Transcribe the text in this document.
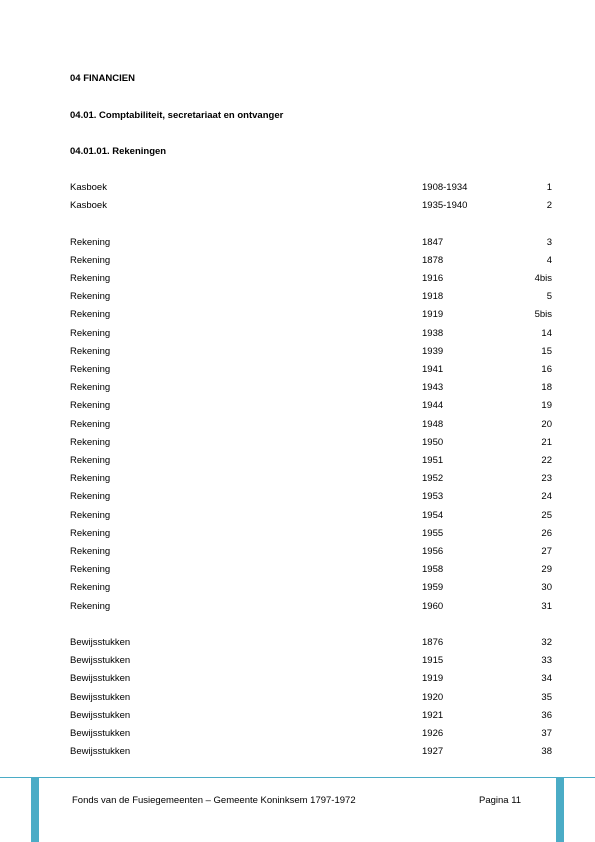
04 FINANCIEN
04.01. Comptabiliteit, secretariaat en ontvanger
04.01.01. Rekeningen
Kasboek	1908-1934	1
Kasboek	1935-1940	2
Rekening	1847	3
Rekening	1878	4
Rekening	1916	4bis
Rekening	1918	5
Rekening	1919	5bis
Rekening	1938	14
Rekening	1939	15
Rekening	1941	16
Rekening	1943	18
Rekening	1944	19
Rekening	1948	20
Rekening	1950	21
Rekening	1951	22
Rekening	1952	23
Rekening	1953	24
Rekening	1954	25
Rekening	1955	26
Rekening	1956	27
Rekening	1958	29
Rekening	1959	30
Rekening	1960	31
Bewijsstukken	1876	32
Bewijsstukken	1915	33
Bewijsstukken	1919	34
Bewijsstukken	1920	35
Bewijsstukken	1921	36
Bewijsstukken	1926	37
Bewijsstukken	1927	38
Fonds van de Fusiegemeenten – Gemeente Koninksem 1797-1972	Pagina 11
